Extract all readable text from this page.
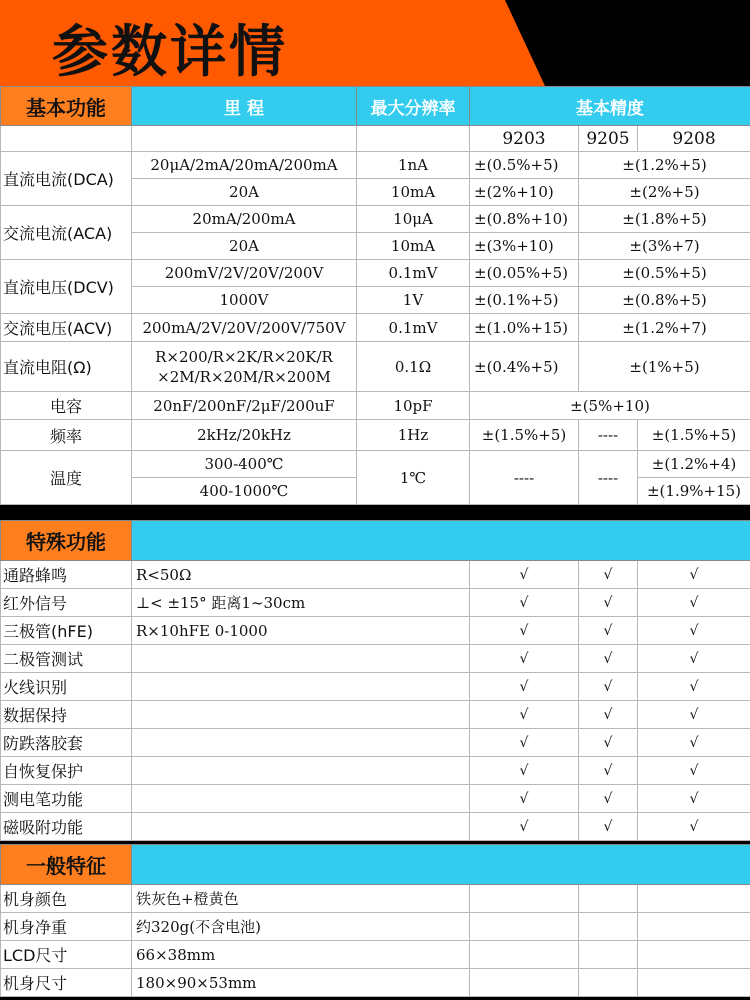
参数详情
基本功能	里 程	最大分辨率	基本精度		
			9203	9205	9208
直流电流(DCA)	20μA/2mA/20mA/200mA	1nA	±(0.5%+5)	±(1.2%+5)	
	20A	10mA	±(2%+10)	±(2%+5)	
交流电流(ACA)	20mA/200mA	10μA	±(0.8%+10)	±(1.8%+5)	
	20A	10mA	±(3%+10)	±(3%+7)	
直流电压(DCV)	200mV/2V/20V/200V	0.1mV	±(0.05%+5)	±(0.5%+5)	
	1000V	1V	±(0.1%+5)	±(0.8%+5)	
交流电压(ACV)	200mA/2V/20V/200V/750V	0.1mV	±(1.0%+15)	±(1.2%+7)	
直流电阻(Ω)	R×200/R×2K/R×20K/R
×2M/R×20M/R×200M	0.1Ω	±(0.4%+5)	±(1%+5)	
电容	20nF/200nF/2μF/200uF	10pF	±(5%+10)		
频率	2kHz/20kHz	1Hz	±(1.5%+5)	----	±(1.5%+5)
温度	300-400℃	1℃	----	----	±(1.2%+4)
	400-1000℃				±(1.9%+15)
特殊功能				
通路蜂鸣	R<50Ω	√	√	√
红外信号	⊥< ±15° 距离1~30cm	√	√	√
三极管(hFE)	R×10hFE 0-1000	√	√	√
二极管测试		√	√	√
火线识别		√	√	√
数据保持		√	√	√
防跌落胶套		√	√	√
自恢复保护		√	√	√
测电笔功能		√	√	√
磁吸附功能		√	√	√
一般特征				
机身颜色	铁灰色+橙黄色			
机身净重	约320g(不含电池)			
LCD尺寸	66×38mm			
机身尺寸	180×90×53mm			
